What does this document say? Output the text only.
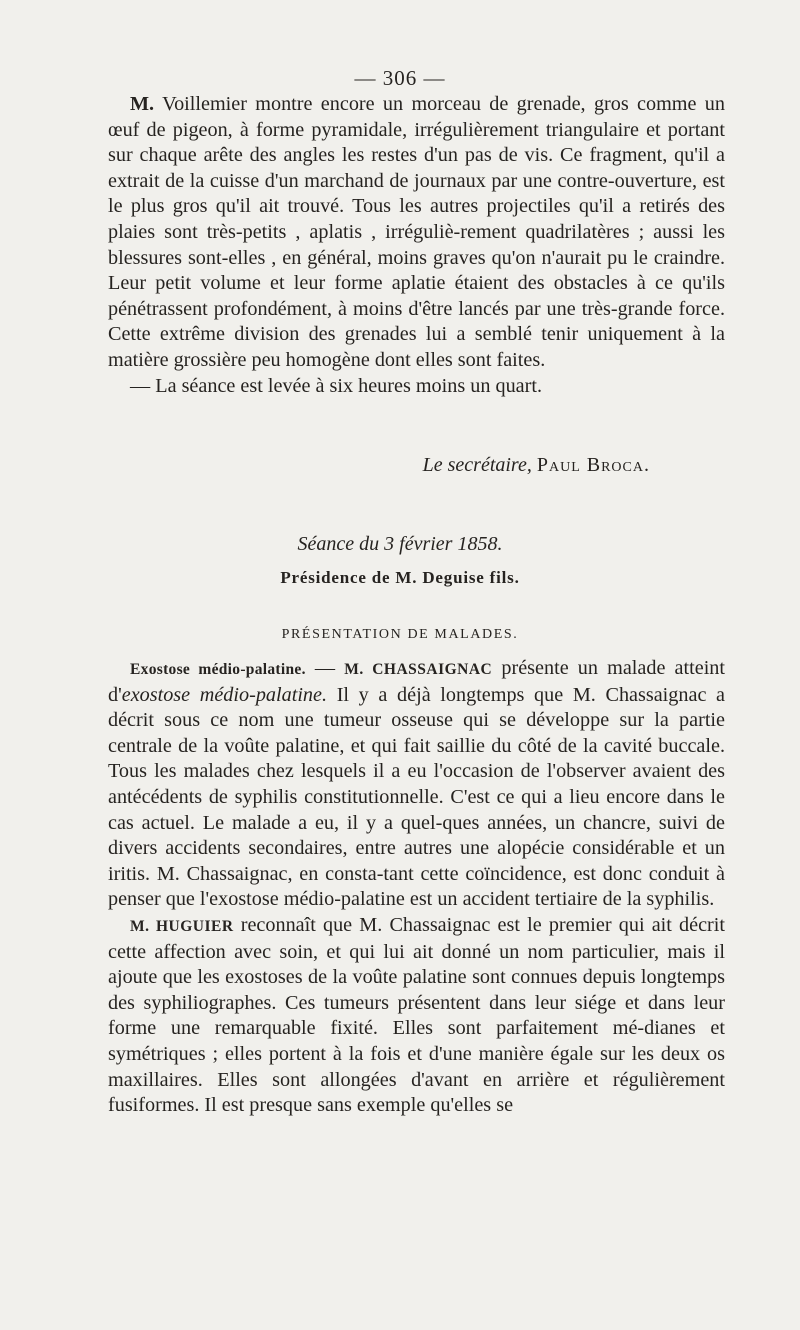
— 306 —

M. Voillemier montre encore un morceau de grenade, gros comme un œuf de pigeon, à forme pyramidale, irrégulièrement triangulaire et portant sur chaque arête des angles les restes d'un pas de vis. Ce fragment, qu'il a extrait de la cuisse d'un marchand de journaux par une contre-ouverture, est le plus gros qu'il ait trouvé. Tous les autres projectiles qu'il a retirés des plaies sont très-petits , aplatis , irréguliè-rement quadrilatères ; aussi les blessures sont-elles , en général, moins graves qu'on n'aurait pu le craindre. Leur petit volume et leur forme aplatie étaient des obstacles à ce qu'ils pénétrassent profondément, à moins d'être lancés par une très-grande force. Cette extrême division des grenades lui a semblé tenir uniquement à la matière grossière peu homogène dont elles sont faites.

— La séance est levée à six heures moins un quart.

Le secrétaire, Paul Broca.
Séance du 3 février 1858.
Présidence de M. Deguise fils.
PRÉSENTATION DE MALADES.

Exostose médio-palatine. — M. CHASSAIGNAC présente un malade atteint d'exostose médio-palatine. Il y a déjà longtemps que M. Chassaignac a décrit sous ce nom une tumeur osseuse qui se développe sur la partie centrale de la voûte palatine, et qui fait saillie du côté de la cavité buccale. Tous les malades chez lesquels il a eu l'occasion de l'observer avaient des antécédents de syphilis constitutionnelle. C'est ce qui a lieu encore dans le cas actuel. Le malade a eu, il y a quel-ques années, un chancre, suivi de divers accidents secondaires, entre autres une alopécie considérable et un iritis. M. Chassaignac, en consta-tant cette coïncidence, est donc conduit à penser que l'exostose médio-palatine est un accident tertiaire de la syphilis.

M. HUGUIER reconnaît que M. Chassaignac est le premier qui ait décrit cette affection avec soin, et qui lui ait donné un nom particulier, mais il ajoute que les exostoses de la voûte palatine sont connues depuis longtemps des syphiliographes. Ces tumeurs présentent dans leur siége et dans leur forme une remarquable fixité. Elles sont parfaitement mé-dianes et symétriques ; elles portent à la fois et d'une manière égale sur les deux os maxillaires. Elles sont allongées d'avant en arrière et régulièrement fusiformes. Il est presque sans exemple qu'elles se
